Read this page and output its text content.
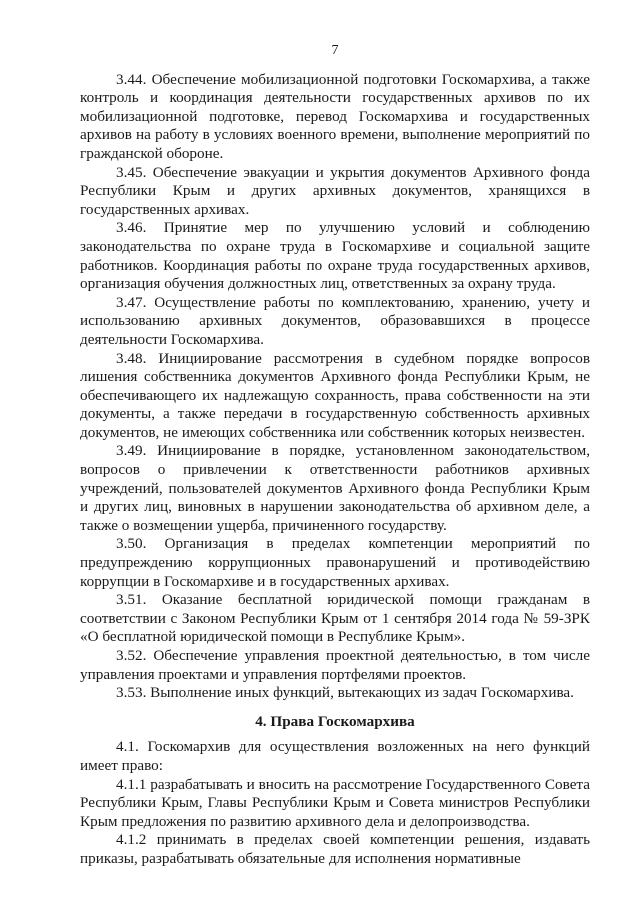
7

3.44. Обеспечение мобилизационной подготовки Госкомархива, а также контроль и координация деятельности государственных архивов по их мобилизационной подготовке, перевод Госкомархива и государственных архивов на работу в условиях военного времени, выполнение мероприятий по гражданской обороне.

3.45. Обеспечение эвакуации и укрытия документов Архивного фонда Республики Крым и других архивных документов, хранящихся в государственных архивах.

3.46. Принятие мер по улучшению условий и соблюдению законодательства по охране труда в Госкомархиве и социальной защите работников. Координация работы по охране труда государственных архивов, организация обучения должностных лиц, ответственных за охрану труда.

3.47. Осуществление работы по комплектованию, хранению, учету и использованию архивных документов, образовавшихся в процессе деятельности Госкомархива.

3.48. Инициирование рассмотрения в судебном порядке вопросов лишения собственника документов Архивного фонда Республики Крым, не обеспечивающего их надлежащую сохранность, права собственности на эти документы, а также передачи в государственную собственность архивных документов, не имеющих собственника или собственник которых неизвестен.

3.49. Инициирование в порядке, установленном законодательством, вопросов о привлечении к ответственности работников архивных учреждений, пользователей документов Архивного фонда Республики Крым и других лиц, виновных в нарушении законодательства об архивном деле, а также о возмещении ущерба, причиненного государству.

3.50. Организация в пределах компетенции мероприятий по предупреждению коррупционных правонарушений и противодействию коррупции в Госкомархиве и в государственных архивах.

3.51. Оказание бесплатной юридической помощи гражданам в соответствии с Законом Республики Крым от 1 сентября 2014 года № 59-ЗРК «О бесплатной юридической помощи в Республике Крым».

3.52. Обеспечение управления проектной деятельностью, в том числе управления проектами и управления портфелями проектов.

3.53. Выполнение иных функций, вытекающих из задач Госкомархива.

4. Права Госкомархива

4.1. Госкомархив для осуществления возложенных на него функций имеет право:

4.1.1 разрабатывать и вносить на рассмотрение Государственного Совета Республики Крым, Главы Республики Крым и Совета министров Республики Крым предложения по развитию архивного дела и делопроизводства.

4.1.2 принимать в пределах своей компетенции решения, издавать приказы, разрабатывать обязательные для исполнения нормативные
